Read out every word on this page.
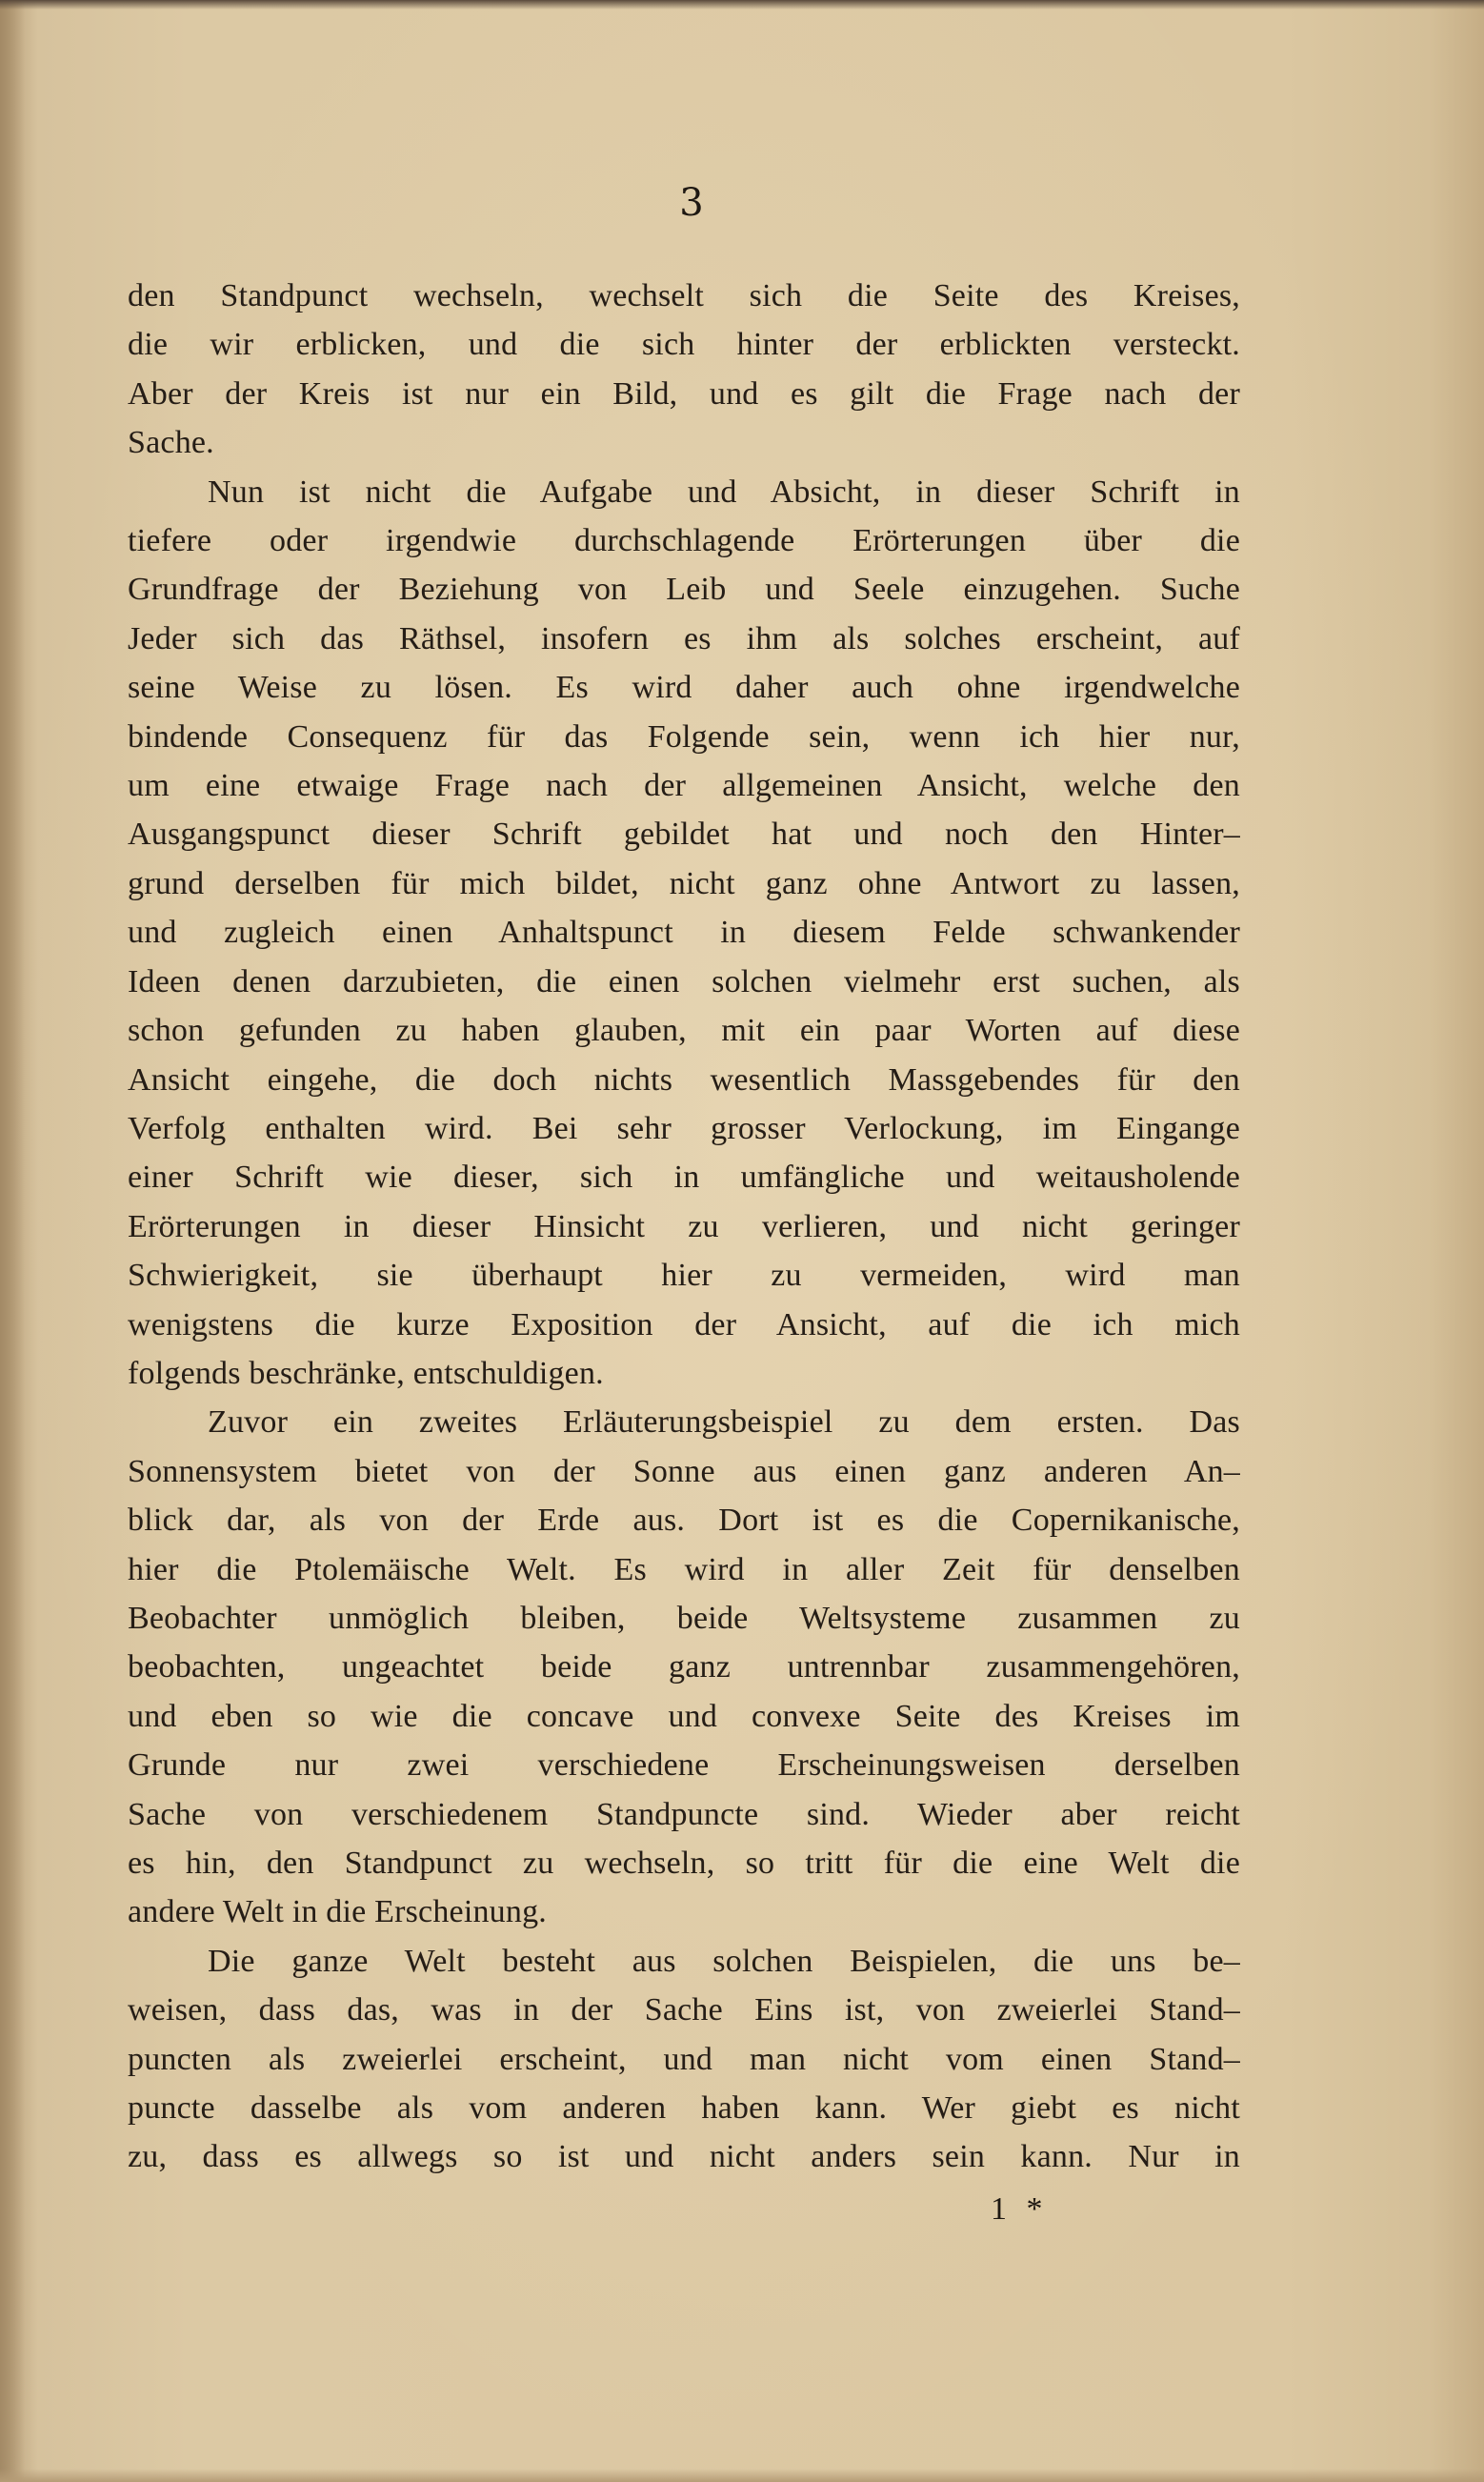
3
den Standpunct wechseln, wechselt sich die Seite des Kreises,
die wir erblicken, und die sich hinter der erblickten versteckt.
Aber der Kreis ist nur ein Bild, und es gilt die Frage nach der
Sache.
Nun ist nicht die Aufgabe und Absicht, in dieser Schrift in
tiefere oder irgendwie durchschlagende Erörterungen über die
Grundfrage der Beziehung von Leib und Seele einzugehen. Suche
Jeder sich das Räthsel, insofern es ihm als solches erscheint, auf
seine Weise zu lösen. Es wird daher auch ohne irgendwelche
bindende Consequenz für das Folgende sein, wenn ich hier nur,
um eine etwaige Frage nach der allgemeinen Ansicht, welche den
Ausgangspunct dieser Schrift gebildet hat und noch den Hinter–
grund derselben für mich bildet, nicht ganz ohne Antwort zu lassen,
und zugleich einen Anhaltspunct in diesem Felde schwankender
Ideen denen darzubieten, die einen solchen vielmehr erst suchen, als
schon gefunden zu haben glauben, mit ein paar Worten auf diese
Ansicht eingehe, die doch nichts wesentlich Massgebendes für den
Verfolg enthalten wird. Bei sehr grosser Verlockung, im Eingange
einer Schrift wie dieser, sich in umfängliche und weitausholende
Erörterungen in dieser Hinsicht zu verlieren, und nicht geringer
Schwierigkeit, sie überhaupt hier zu vermeiden, wird man
wenigstens die kurze Exposition der Ansicht, auf die ich mich
folgends beschränke, entschuldigen.
Zuvor ein zweites Erläuterungsbeispiel zu dem ersten. Das
Sonnensystem bietet von der Sonne aus einen ganz anderen An–
blick dar, als von der Erde aus. Dort ist es die Copernikanische,
hier die Ptolemäische Welt. Es wird in aller Zeit für denselben
Beobachter unmöglich bleiben, beide Weltsysteme zusammen zu
beobachten, ungeachtet beide ganz untrennbar zusammengehören,
und eben so wie die concave und convexe Seite des Kreises im
Grunde nur zwei verschiedene Erscheinungsweisen derselben
Sache von verschiedenem Standpuncte sind. Wieder aber reicht
es hin, den Standpunct zu wechseln, so tritt für die eine Welt die
andere Welt in die Erscheinung.
Die ganze Welt besteht aus solchen Beispielen, die uns be–
weisen, dass das, was in der Sache Eins ist, von zweierlei Stand–
puncten als zweierlei erscheint, und man nicht vom einen Stand–
puncte dasselbe als vom anderen haben kann. Wer giebt es nicht
zu, dass es allwegs so ist und nicht anders sein kann. Nur in
1 *
